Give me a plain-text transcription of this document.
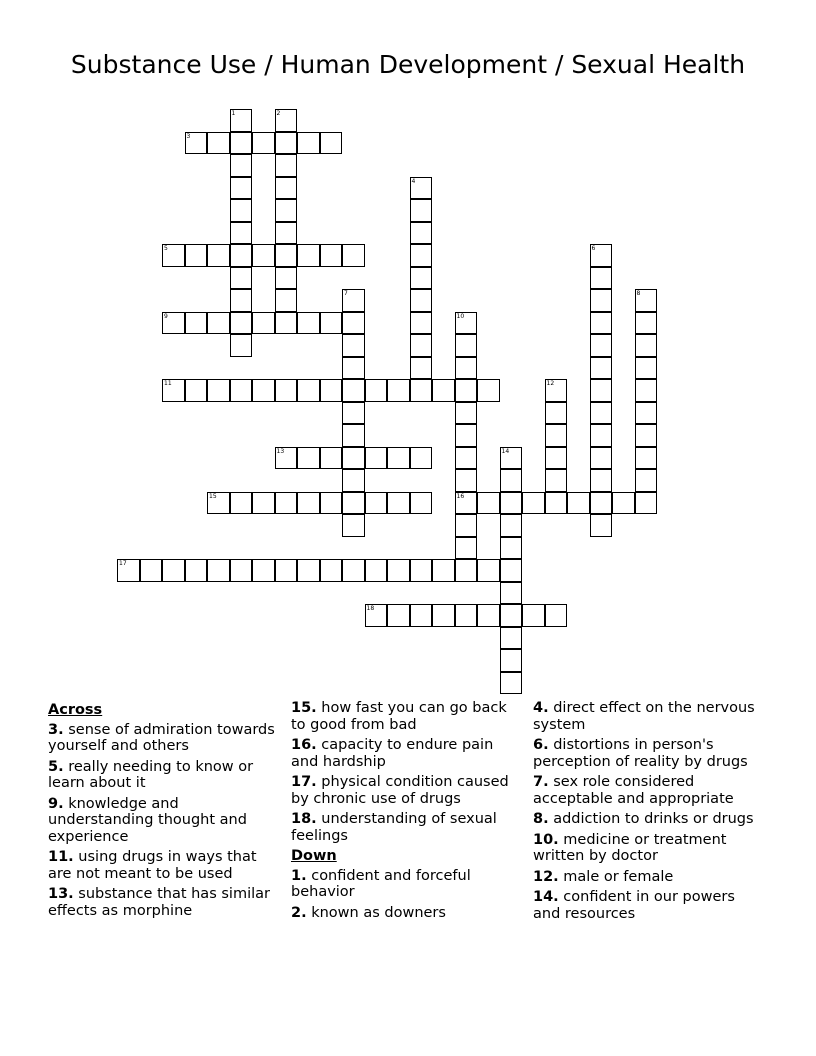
Substance Use / Human Development / Sexual Health
1	2
3
4
5	6
7	8
9	10
16
11	12
13	14
15
17
18
Across
3. sense of admiration towards yourself and others
5. really needing to know or learn about it
9. knowledge and understanding thought and experience
11. using drugs in ways that are not meant to be used
13. substance that has similar effects as morphine
15. how fast you can go back to good from bad
16. capacity to endure pain and hardship
17. physical condition caused by chronic use of drugs
18. understanding of sexual feelings
Down
1. confident and forceful behavior
2. known as downers
4. direct effect on the nervous system
6. distortions in person's perception of reality by drugs
7. sex role considered acceptable and appropriate
8. addiction to drinks or drugs
10. medicine or treatment written by doctor
12. male or female
14. confident in our powers and resources
